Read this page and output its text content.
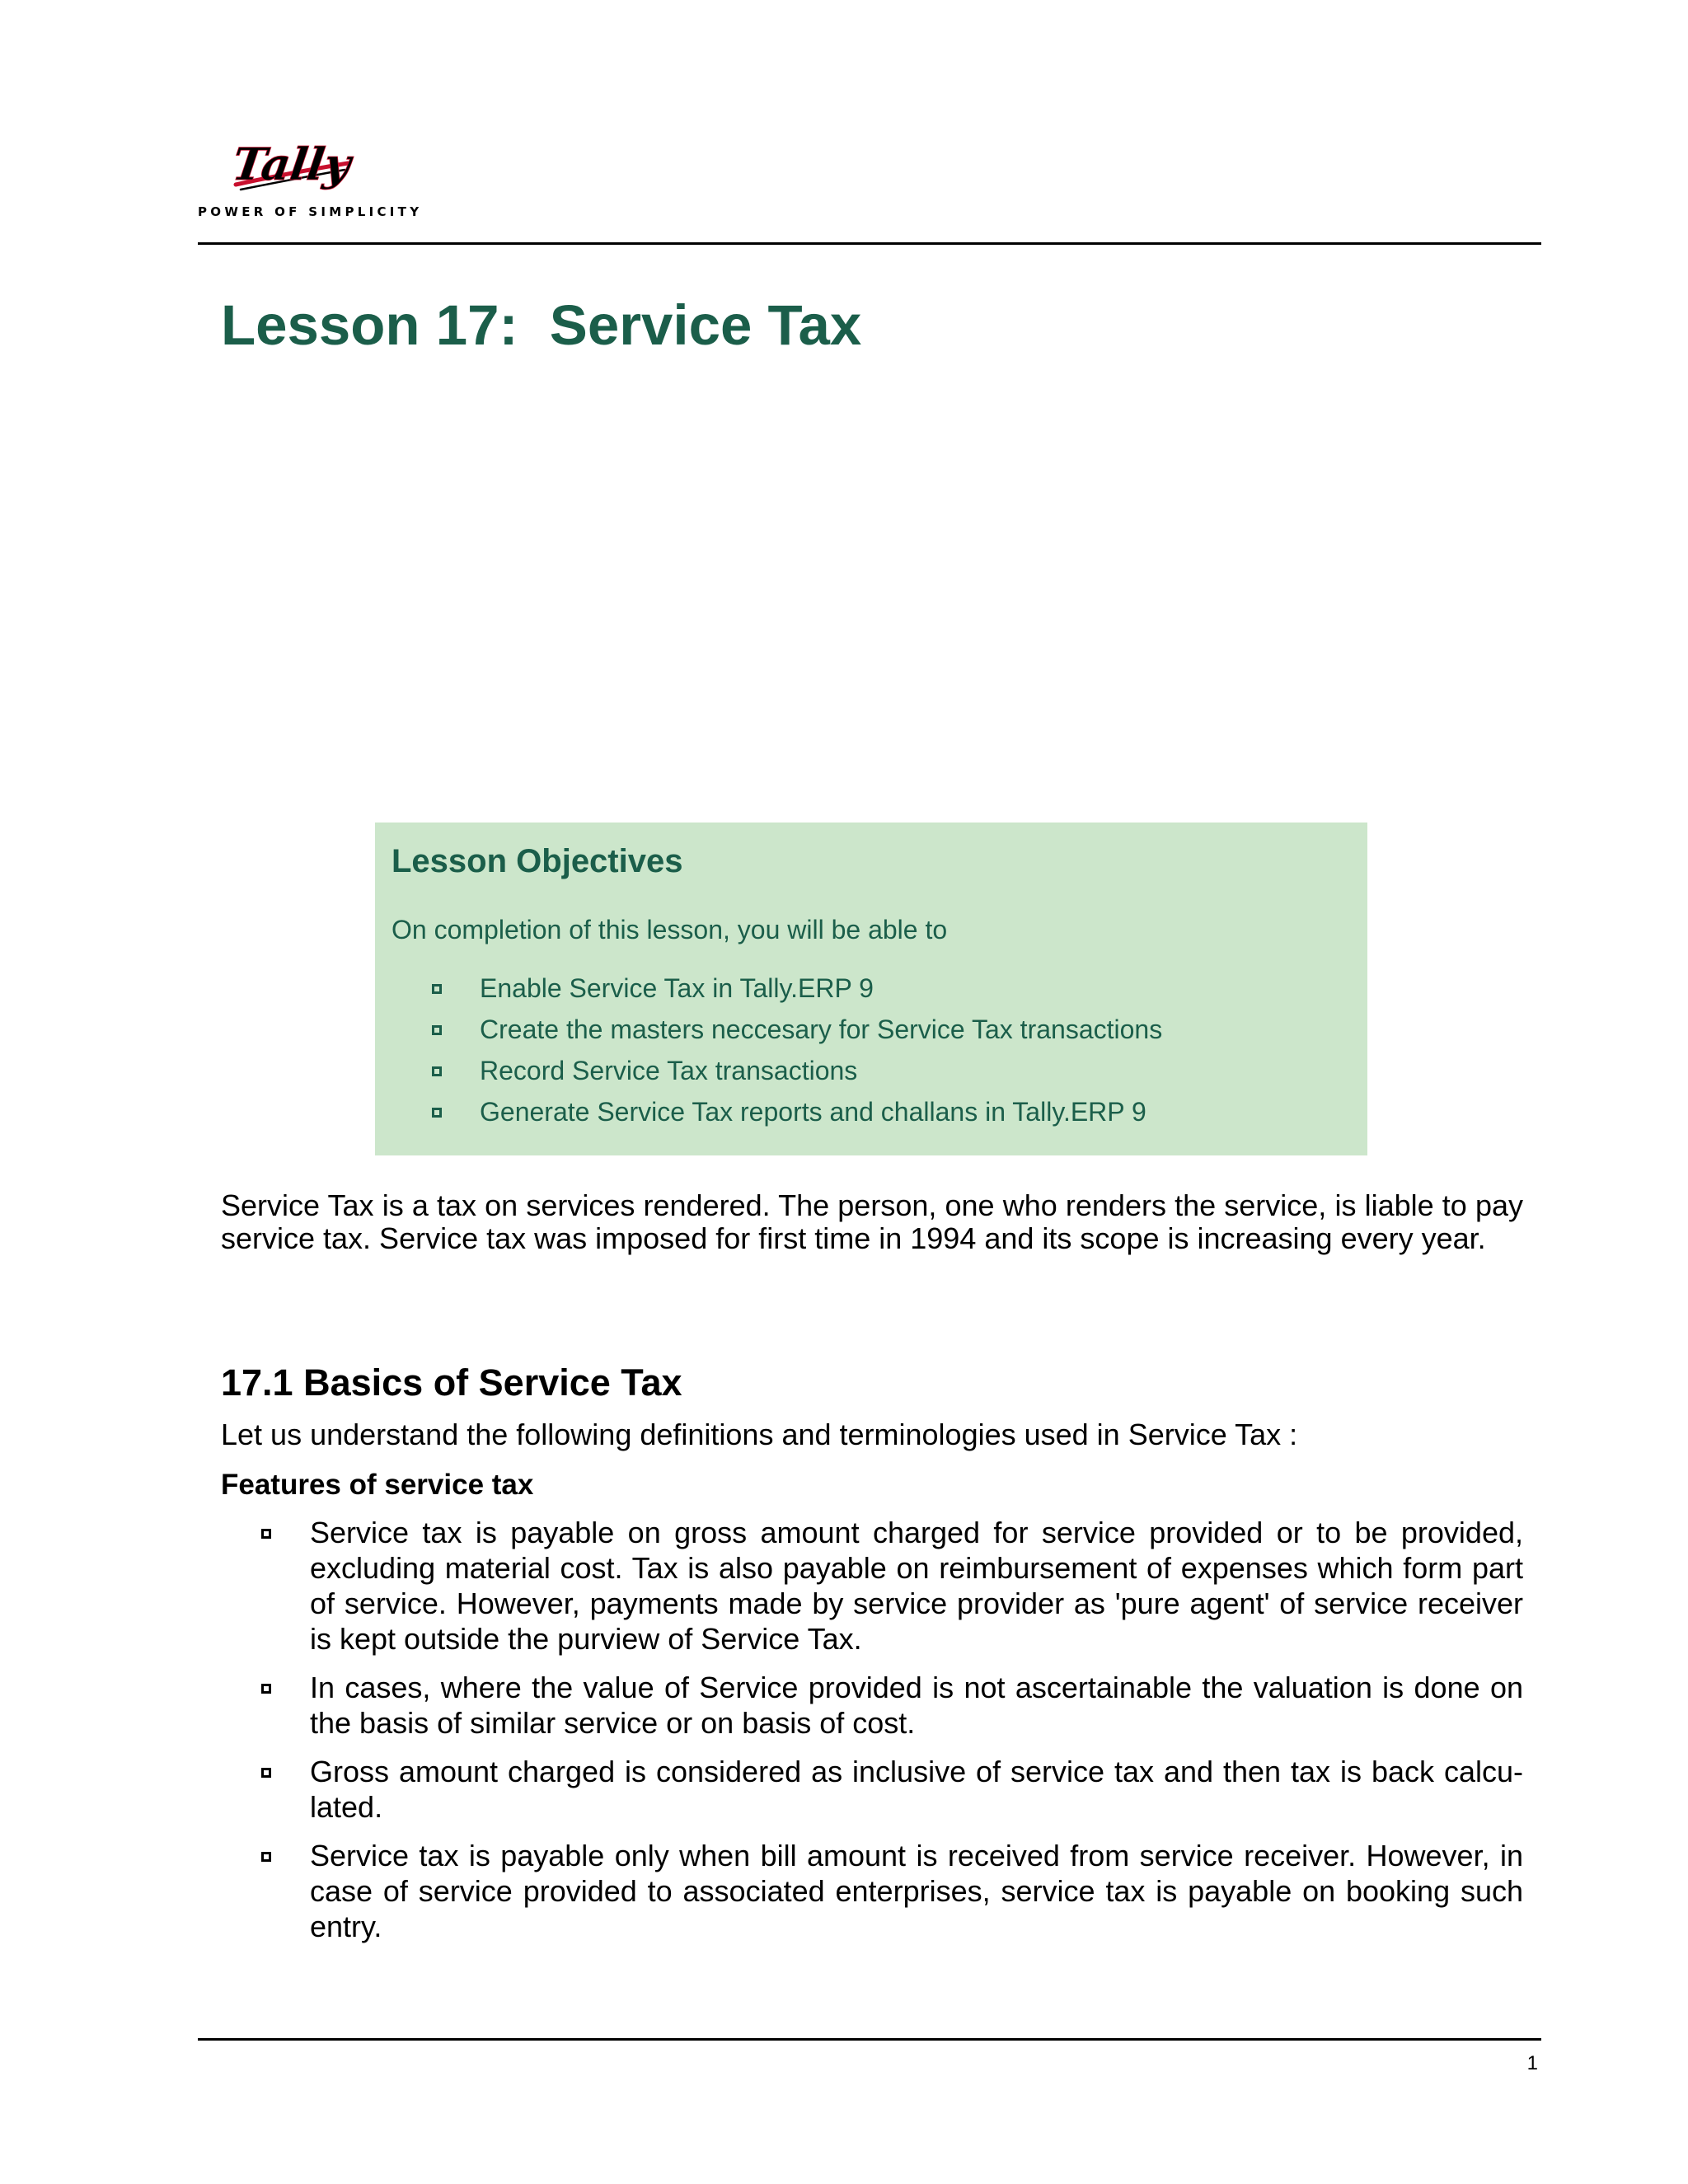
Tally
POWER OF SIMPLICITY
Lesson 17:  Service Tax
Lesson Objectives

On completion of this lesson, you will be able to

Enable Service Tax in Tally.ERP 9
Create the masters neccesary for Service Tax transactions
Record Service Tax transactions
Generate Service Tax reports and challans in Tally.ERP 9

Service Tax is a tax on services rendered. The person, one who renders the service, is liable to pay service tax. Service tax was imposed for first time in 1994 and its scope is increasing every year.

17.1 Basics of Service Tax

Let us understand the following definitions and terminologies used in Service Tax :

Features of service tax
Service tax is payable on gross amount charged for service provided or to be provided, excluding material cost. Tax is also payable on reimbursement of expenses which form part of service. However, payments made by service provider as 'pure agent' of service receiver is kept outside the purview of Service Tax.
In cases, where the value of Service provided is not ascertainable the valuation is done on the basis of similar service or on basis of cost.
Gross amount charged is considered as inclusive of service tax and then tax is back calculated.
Service tax is payable only when bill amount is received from service receiver. However, in case of service provided to associated enterprises, service tax is payable on booking such entry.
1
